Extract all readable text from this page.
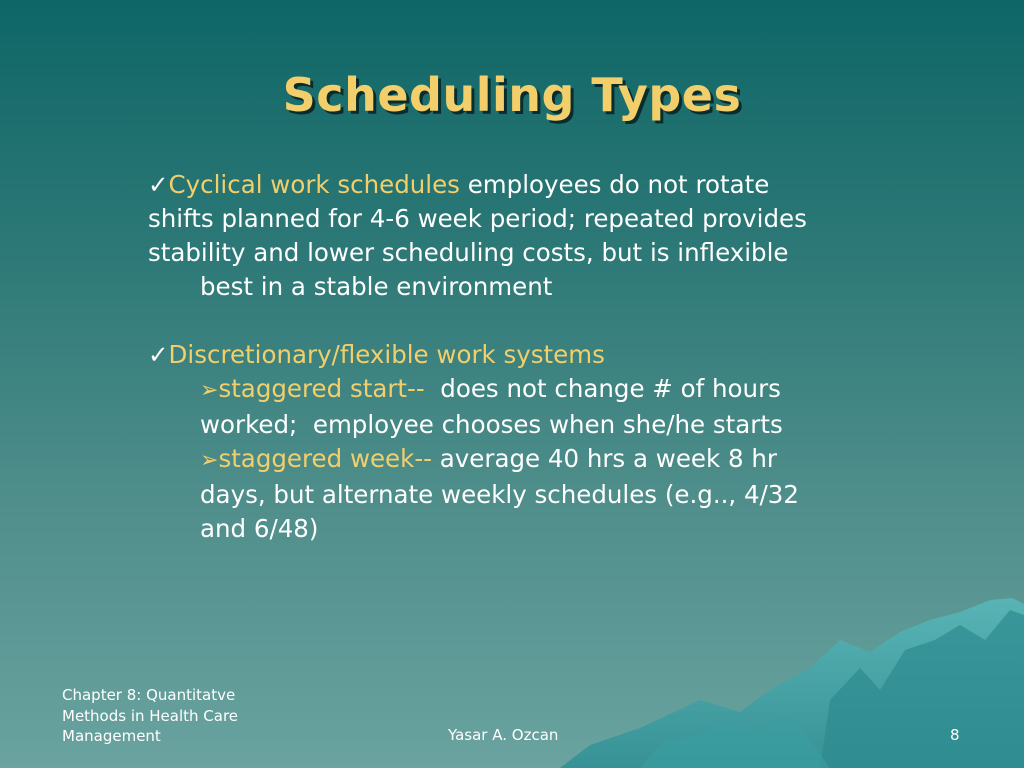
Scheduling Types
✓Cyclical work schedules employees do not rotate
shifts planned for 4-6 week period; repeated provides
stability and lower scheduling costs, but is inflexible
best in a stable environment
✓Discretionary/flexible work systems
➢staggered start--  does not change # of hours
worked;  employee chooses when she/he starts
➢staggered week-- average 40 hrs a week 8 hr
days, but alternate weekly schedules (e.g.., 4/32
and 6/48)
Chapter 8: Quantitatve
Methods in Health Care
Management	Yasar A. Ozcan	8
